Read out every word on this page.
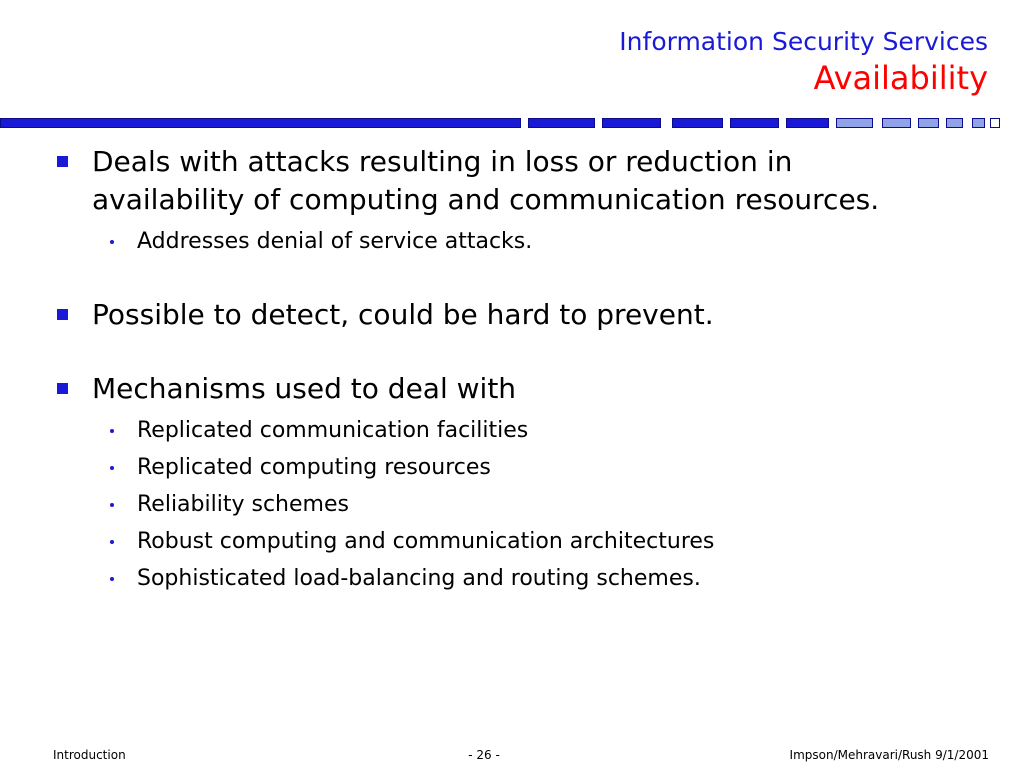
Information Security Services
Availability
Deals with attacks resulting in loss or reduction in
availability of computing and communication resources.
Addresses denial of service attacks.
Possible to detect, could be hard to prevent.
Mechanisms used to deal with
Replicated communication facilities
Replicated computing resources
Reliability schemes
Robust computing and communication architectures
Sophisticated load-balancing and routing schemes.
Introduction	- 26 -	Impson/Mehravari/Rush 9/1/2001
